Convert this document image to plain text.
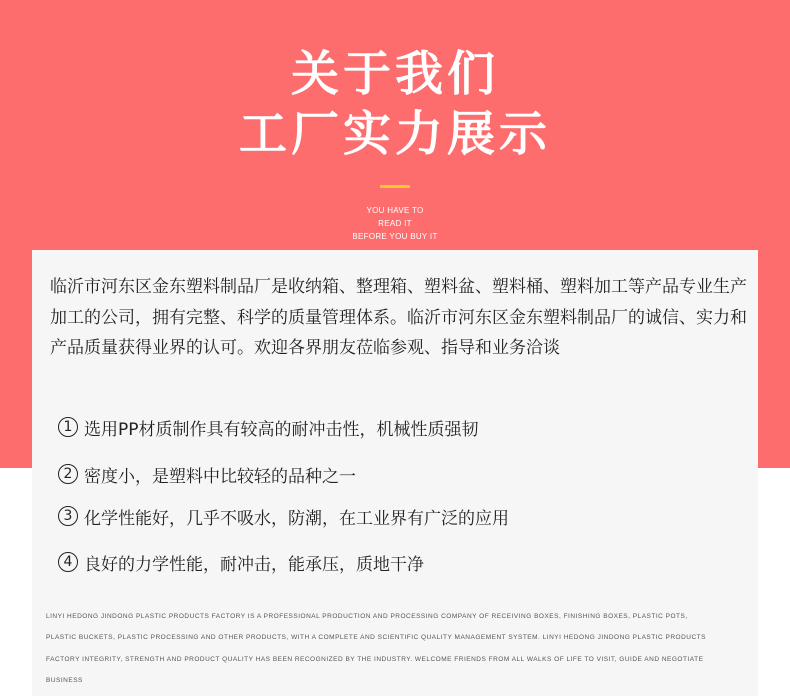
关于我们
工厂实力展示
YOU HAVE TO
READ IT
BEFORE YOU BUY IT

临沂市河东区金东塑料制品厂是收纳箱、整理箱、塑料盆、塑料桶、塑料加工等产品专业生产加工的公司，拥有完整、科学的质量管理体系。临沂市河东区金东塑料制品厂的诚信、实力和产品质量获得业界的认可。欢迎各界朋友莅临参观、指导和业务洽谈

1 选用PP材质制作具有较高的耐冲击性，机械性质强韧
2 密度小，是塑料中比较轻的品种之一
3 化学性能好，几乎不吸水，防潮，在工业界有广泛的应用
4 良好的力学性能，耐冲击，能承压，质地干净
LINYI HEDONG JINDONG PLASTIC PRODUCTS FACTORY IS A PROFESSIONAL PRODUCTION AND PROCESSING COMPANY OF RECEIVING BOXES, FINISHING BOXES, PLASTIC POTS,
PLASTIC BUCKETS, PLASTIC PROCESSING AND OTHER PRODUCTS, WITH A COMPLETE AND SCIENTIFIC QUALITY MANAGEMENT SYSTEM. LINYI HEDONG JINDONG PLASTIC PRODUCTS
FACTORY INTEGRITY, STRENGTH AND PRODUCT QUALITY HAS BEEN RECOGNIZED BY THE INDUSTRY. WELCOME FRIENDS FROM ALL WALKS OF LIFE TO VISIT, GUIDE AND NEGOTIATE
BUSINESS
